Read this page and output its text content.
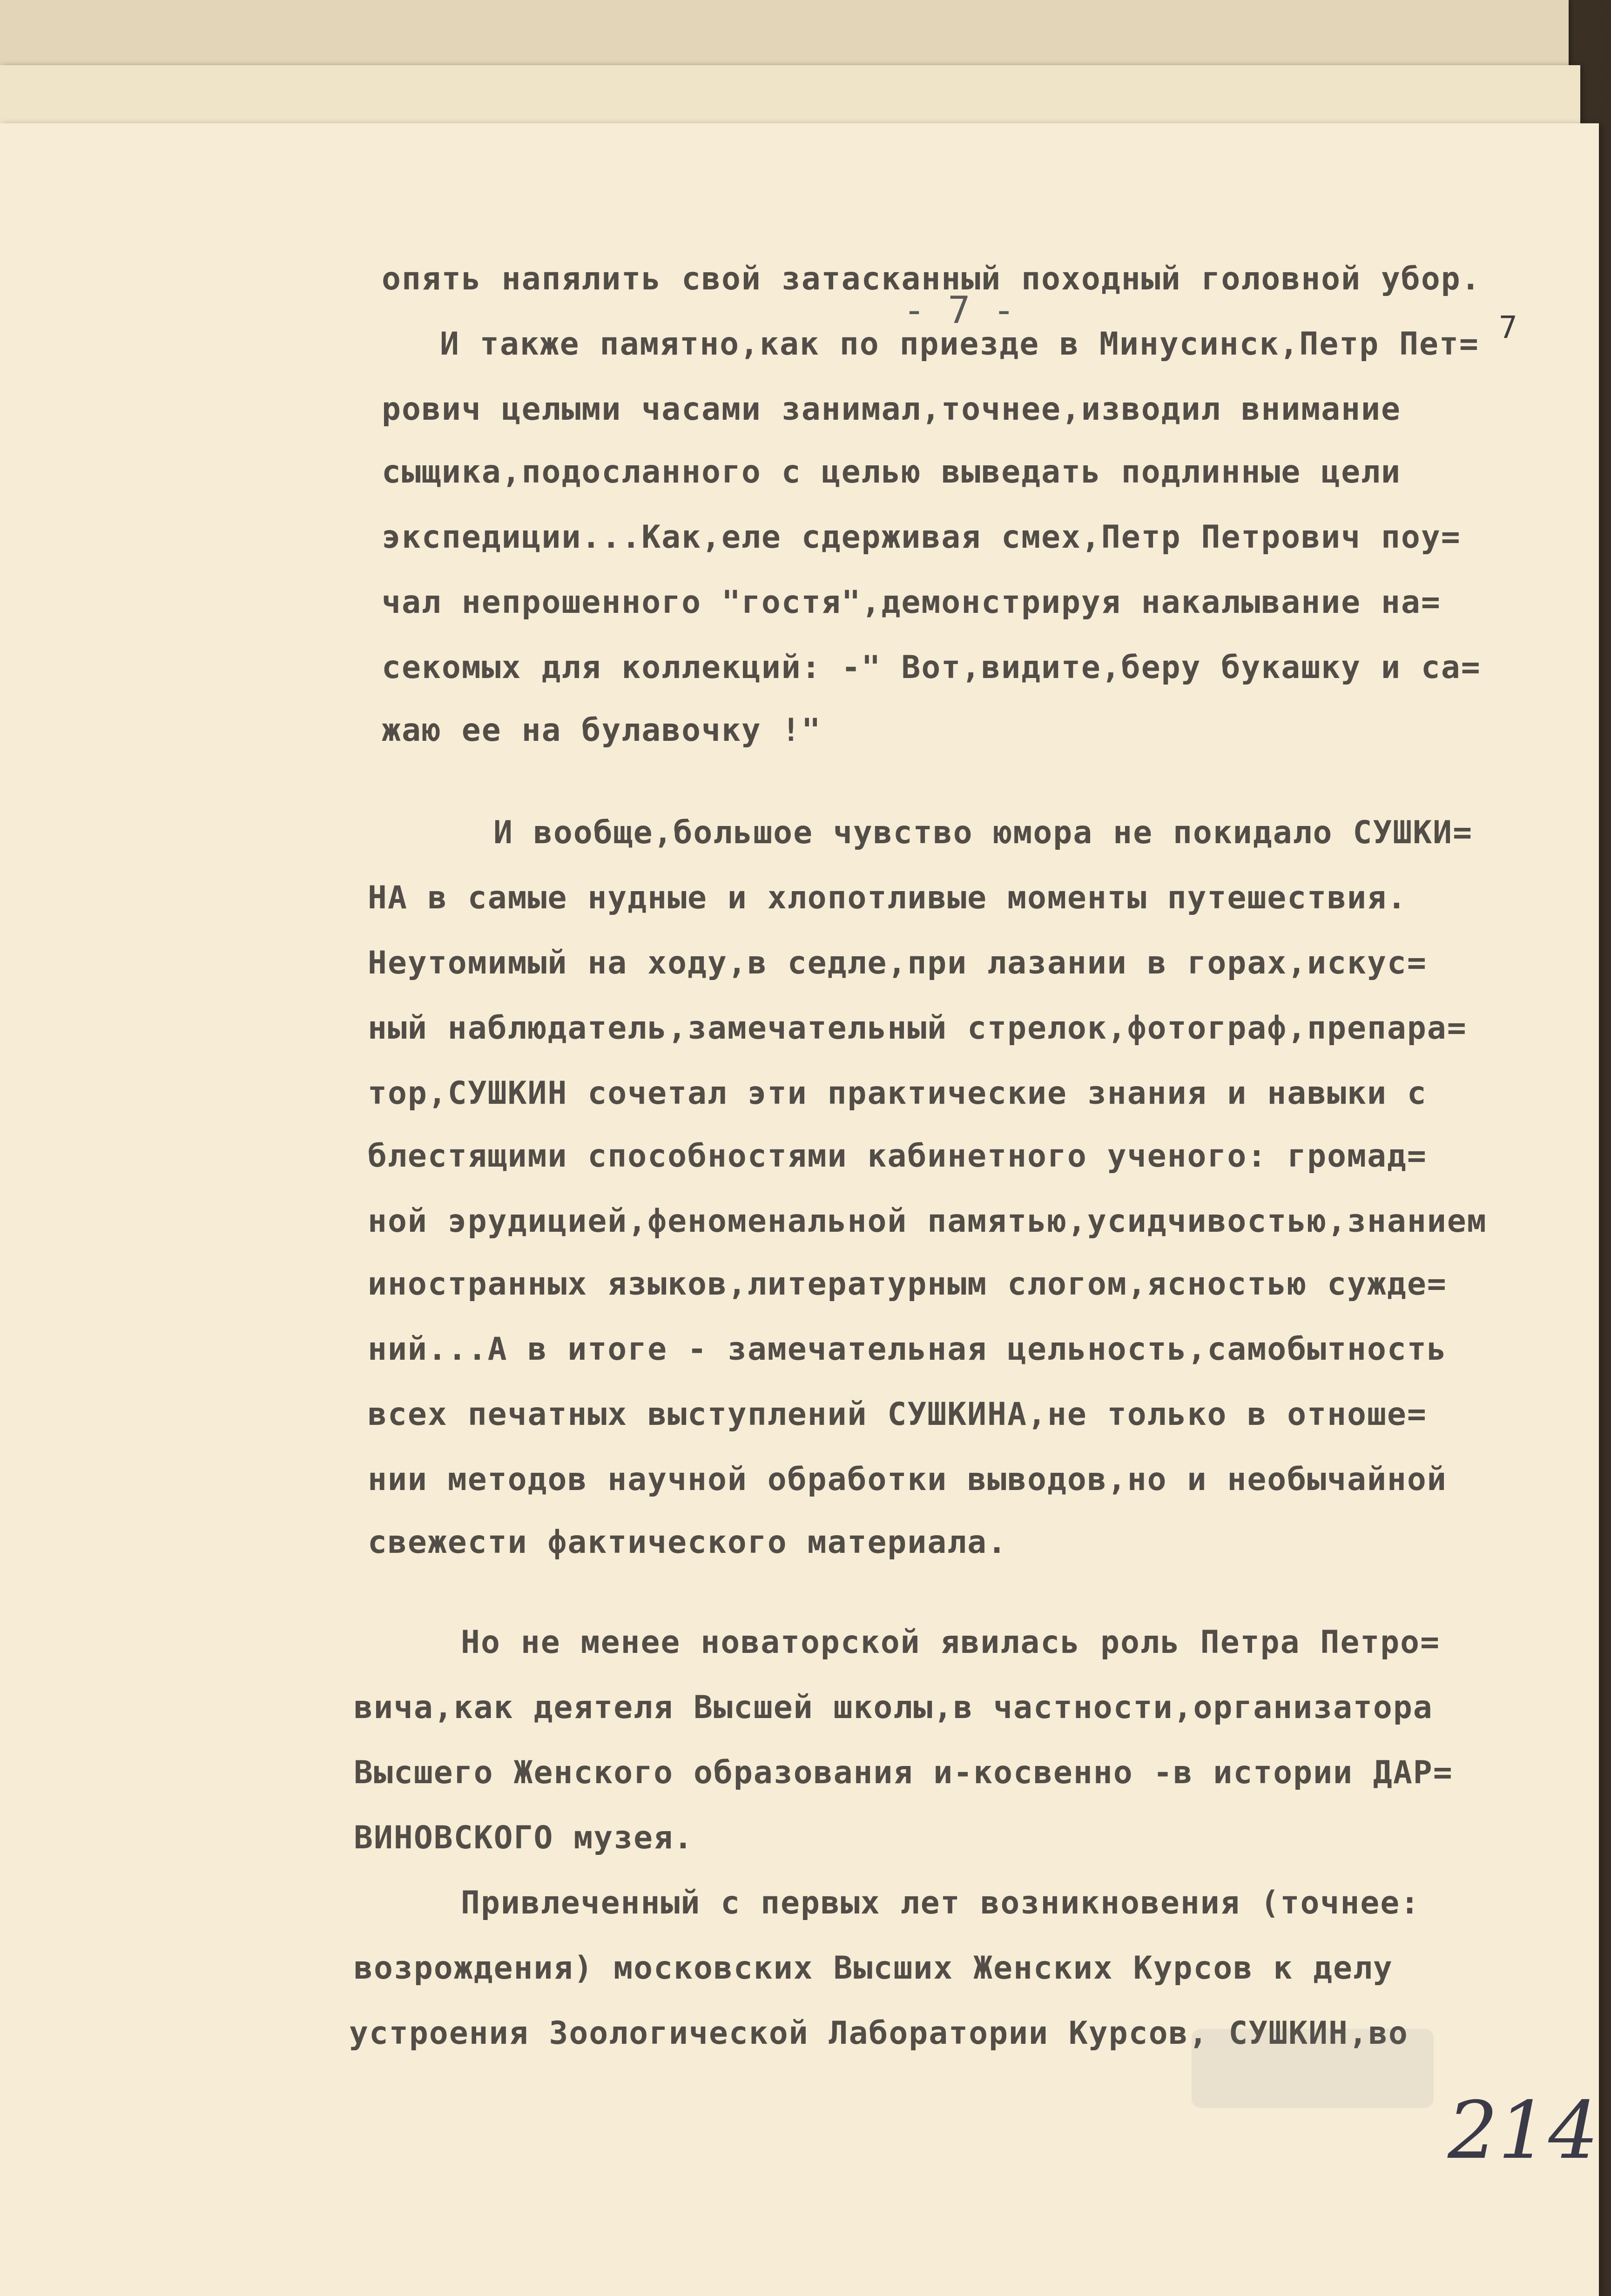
- 7 -	7
опять напялить свой затасканный походный головной убор.
И также памятно,как по приезде в Минусинск,Петр Пет=
рович целыми часами занимал,точнее,изводил внимание
сыщика,подосланного с целью выведать подлинные цели
экспедиции...Как,еле сдерживая смех,Петр Петрович поу=
чал непрошенного "гостя",демонстрируя накалывание на=
секомых для коллекций: -" Вот,видите,беру букашку и са=
жаю ее на булавочку !"
И вообще,большое чувство юмора не покидало СУШКИ=
НА в самые нудные и хлопотливые моменты путешествия.
Неутомимый на ходу,в седле,при лазании в горах,искус=
ный наблюдатель,замечательный стрелок,фотограф,препара=
тор,СУШКИН сочетал эти практические знания и навыки с
блестящими способностями кабинетного ученого: громад=
ной эрудицией,феноменальной памятью,усидчивостью,знанием
иностранных языков,литературным слогом,ясностью сужде=
ний...А в итоге - замечательная цельность,самобытность
всех печатных выступлений СУШКИНА,не только в отноше=
нии методов научной обработки выводов,но и необычайной
свежести фактического материала.
Но не менее новаторской явилась роль Петра Петро=
вича,как деятеля Высшей школы,в частности,организатора
Высшего Женского образования и-косвенно -в истории ДАР=
ВИНОВСКОГО музея.
Привлеченный с первых лет возникновения (точнее:
возрождения) московских Высших Женских Курсов к делу
устроения Зоологической Лаборатории Курсов, СУШКИН,во
214
